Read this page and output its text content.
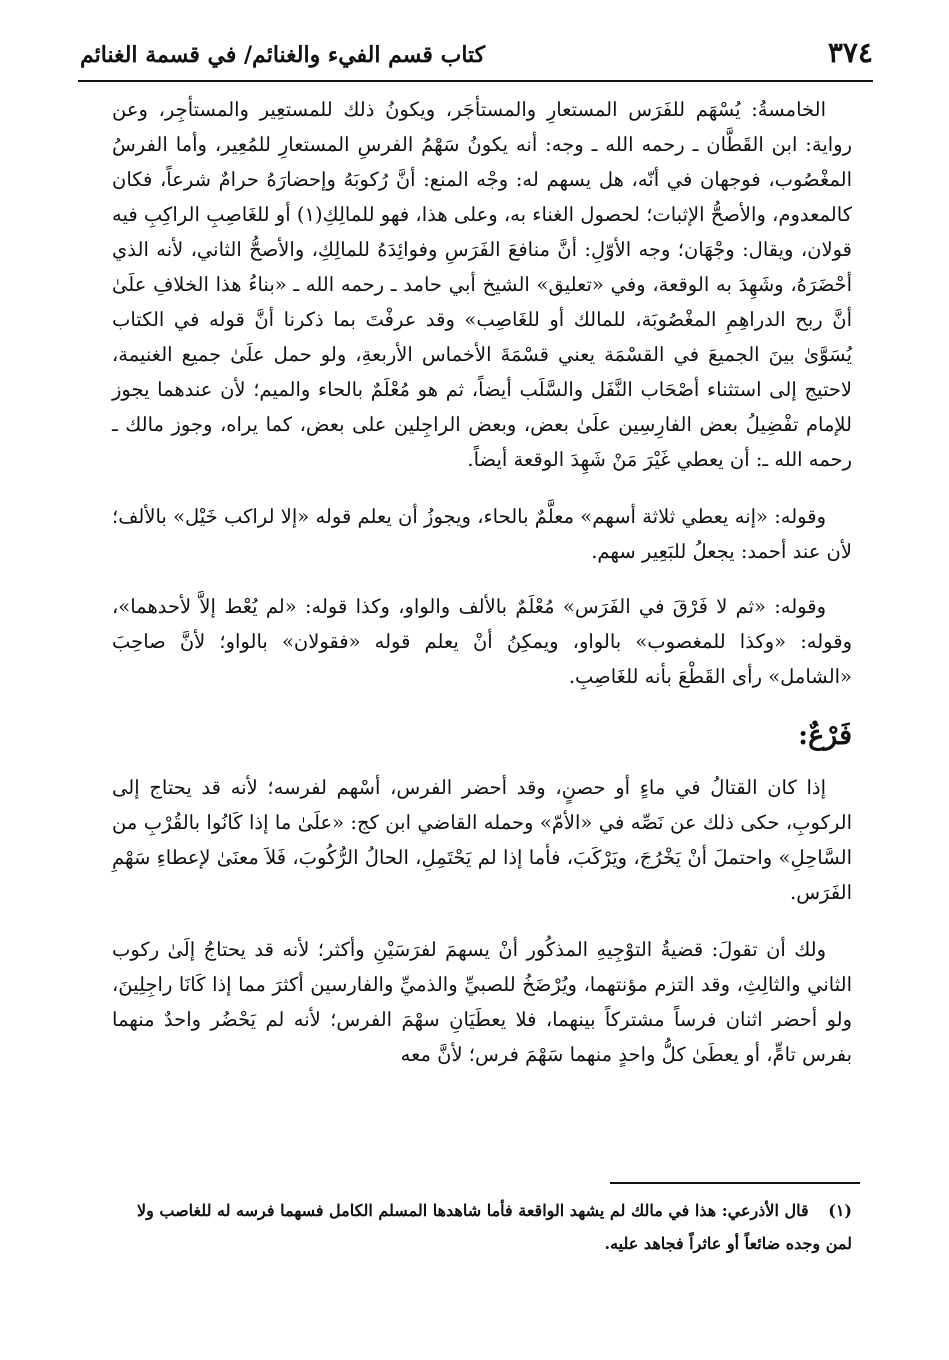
٣٧٤
كتاب قسم الفيء والغنائم/ في قسمة الغنائم

الخامسةُ: يُسْهَم للفَرَس المستعارِ والمستأجَر، ويكونُ ذلك للمستعِير والمستأجِر، وعن رواية: ابن القَطَّان ـ رحمه الله ـ وجه: أنه يكونُ سَهْمُ الفرسِ المستعارِ للمُعِير، وأما الفرسُ المغْصُوب، فوجهان في أنّه، هل يسهم له: وجْه المنع: أنَّ رُكوبَهُ وإحضارَهُ حرامٌ شرعاً، فكان كالمعدوم، والأصحُّ الإثبات؛ لحصول الغناء به، وعلى هذا، فهو للمالِكِ(١) أو للغَاصِبِ الراكِبِ فيه قولان، ويقال: وجْهَان؛ وجه الأوّلِ: أنَّ منافعَ الفَرَسِ وفوائِدَهُ للمالِكِ، والأصحُّ الثاني، لأنه الذي أحْضَرَهُ، وشَهِدَ به الوقعة، وفي «تعليق» الشيخ أبي حامد ـ رحمه الله ـ «بناءُ هذا الخلافِ علَىٰ أنَّ ربح الدراهِمِ المغْصُوبَة، للمالك أو للغَاصِب» وقد عرفْتَ بما ذكرنا أنَّ قوله في الكتاب يُسَوَّىٰ بينَ الجميعَ في القسْمَة يعني قسْمَةَ الأخماس الأربعةِ، ولو حمل علَىٰ جميع الغنيمة، لاحتيج إلى استثناء أصْحَاب النَّفَل والسَّلَب أيضاً، ثم هو مُعْلَمٌ بالحاء والميم؛ لأن عندهما يجوز للإمام تفْضِيلُ بعض الفارِسِين علَىٰ بعض، وبعض الراجِلين على بعض، كما يراه، وجوز مالك ـ رحمه الله ـ: أن يعطي غَيْرَ مَنْ شَهِدَ الوقعة أيضاً.

وقوله: «إنه يعطي ثلاثة أسهم» معلَّمٌ بالحاء، ويجوزُ أن يعلم قوله «إلا لراكب خَيْل» بالألف؛ لأن عند أحمد: يجعلُ للبَعِير سهم.

وقوله: «ثم لا فَرْقَ في الفَرَس» مُعْلَمٌ بالألف والواو، وكذا قوله: «لم يُعْط إلاَّ لأحدهما»، وقوله: «وكذا للمغصوب» بالواو، ويمكِنُ أنْ يعلم قوله «فقولان» بالواو؛ لأنَّ صاحِبَ «الشامل» رأى القَطْعَ بأنه للغَاصِبِ.

فَرْعٌ:

إذا كان القتالُ في ماءٍ أو حصنٍ، وقد أحضر الفرس، أسْهم لفرسه؛ لأنه قد يحتاج إلى الركوبِ، حكى ذلك عن نَصِّه في «الأمّ» وحمله القاضي ابن كج: «علَىٰ ما إذا كَانُوا بالقُرْبِ من السَّاحِلِ» واحتملَ أنْ يَخْرُجَ، ويَرْكَبَ، فأما إذا لم يَحْتَمِلِ، الحالُ الرُّكُوبَ، فَلاَ معنَىٰ لإعطاءِ سَهْمِ الفَرَس.

ولك أن تقولَ: قضيةُ التوْجِيهِ المذكُور أنْ يسهمَ لفرَسَيْنِ وأكثر؛ لأنه قد يحتاجُ إلَىٰ ركوب الثاني والثالِثِ، وقد التزم مؤنتهما، ويُرْضَخُ للصبيِّ والذميِّ والفارسين أكثرَ مما إذا كَانَا راجِلِينَ، ولو أحضر اثنان فرساً مشتركاً بينهما، فلا يعطَيَانِ سهْمَ الفرس؛ لأنه لم يَحْضُر واحدٌ منهما بفرس تامٍّ، أو يعطَىٰ كلُّ واحدٍ منهما سَهْمَ فرس؛ لأنَّ معه

(١) قال الأذرعي: هذا في مالك لم يشهد الواقعة فأما شاهدها المسلم الكامل فسهما فرسه له للغاصب ولا لمن وجده ضائعاً أو عاثراً فجاهد عليه.
